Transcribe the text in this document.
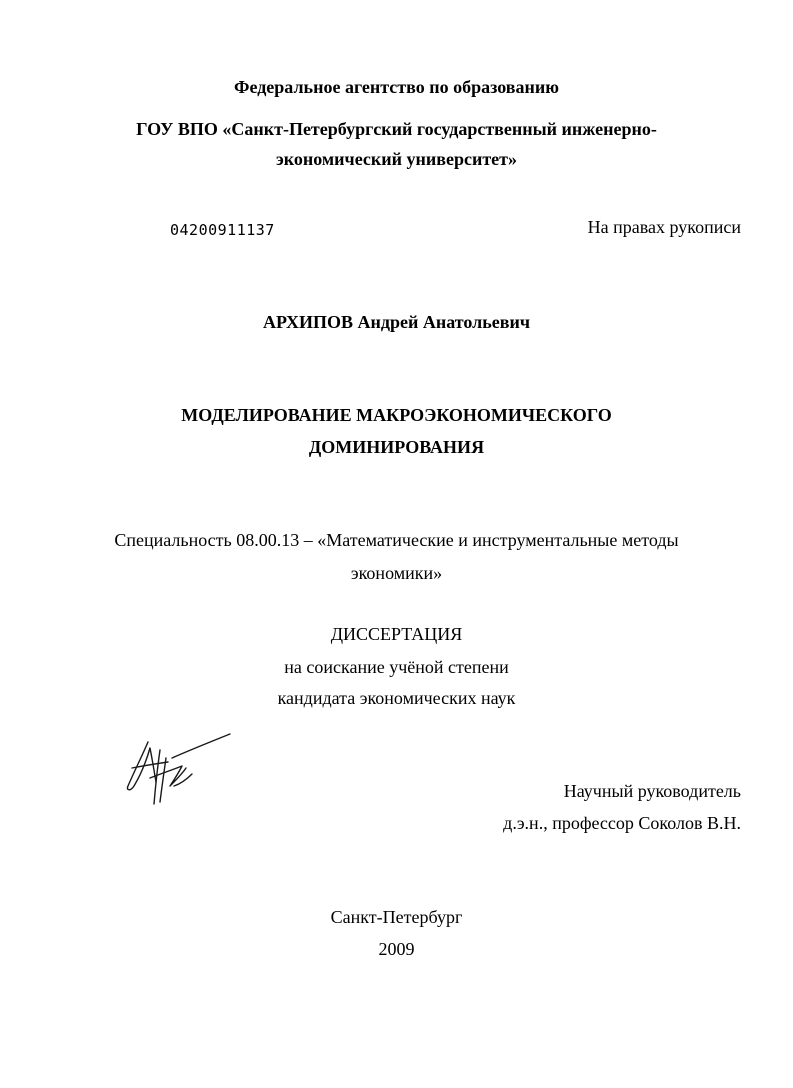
Федеральное агентство по образованию
ГОУ ВПО «Санкт-Петербургский государственный инженерно-
экономический университет»
04200911137	На правах рукописи
АРХИПОВ Андрей Анатольевич
МОДЕЛИРОВАНИЕ МАКРОЭКОНОМИЧЕСКОГО
ДОМИНИРОВАНИЯ
Специальность 08.00.13 – «Математические и инструментальные методы
экономики»
ДИССЕРТАЦИЯ
на соискание учёной степени
кандидата экономических наук
Научный руководитель
д.э.н., профессор Соколов В.Н.
Санкт-Петербург
2009
